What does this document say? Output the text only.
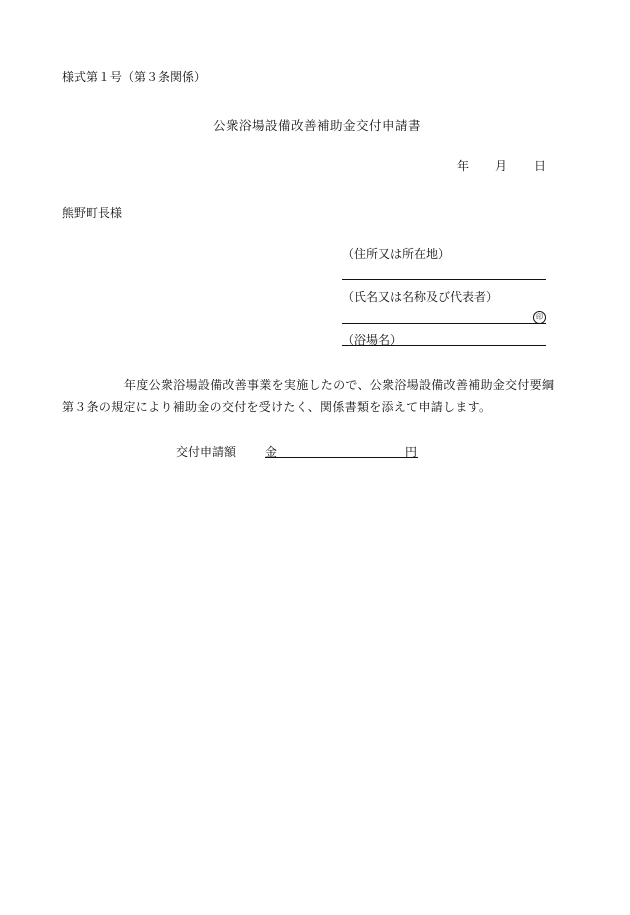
様式第１号（第３条関係）
公衆浴場設備改善補助金交付申請書
年 月 日
熊野町長様
（住所又は所在地）
（氏名又は名称及び代表者）
印
（浴場名）
年度公衆浴場設備改善事業を実施したので、公衆浴場設備改善補助金交付要綱
第３条の規定により補助金の交付を受けたく、関係書類を添えて申請します。
交付申請額 金	円
